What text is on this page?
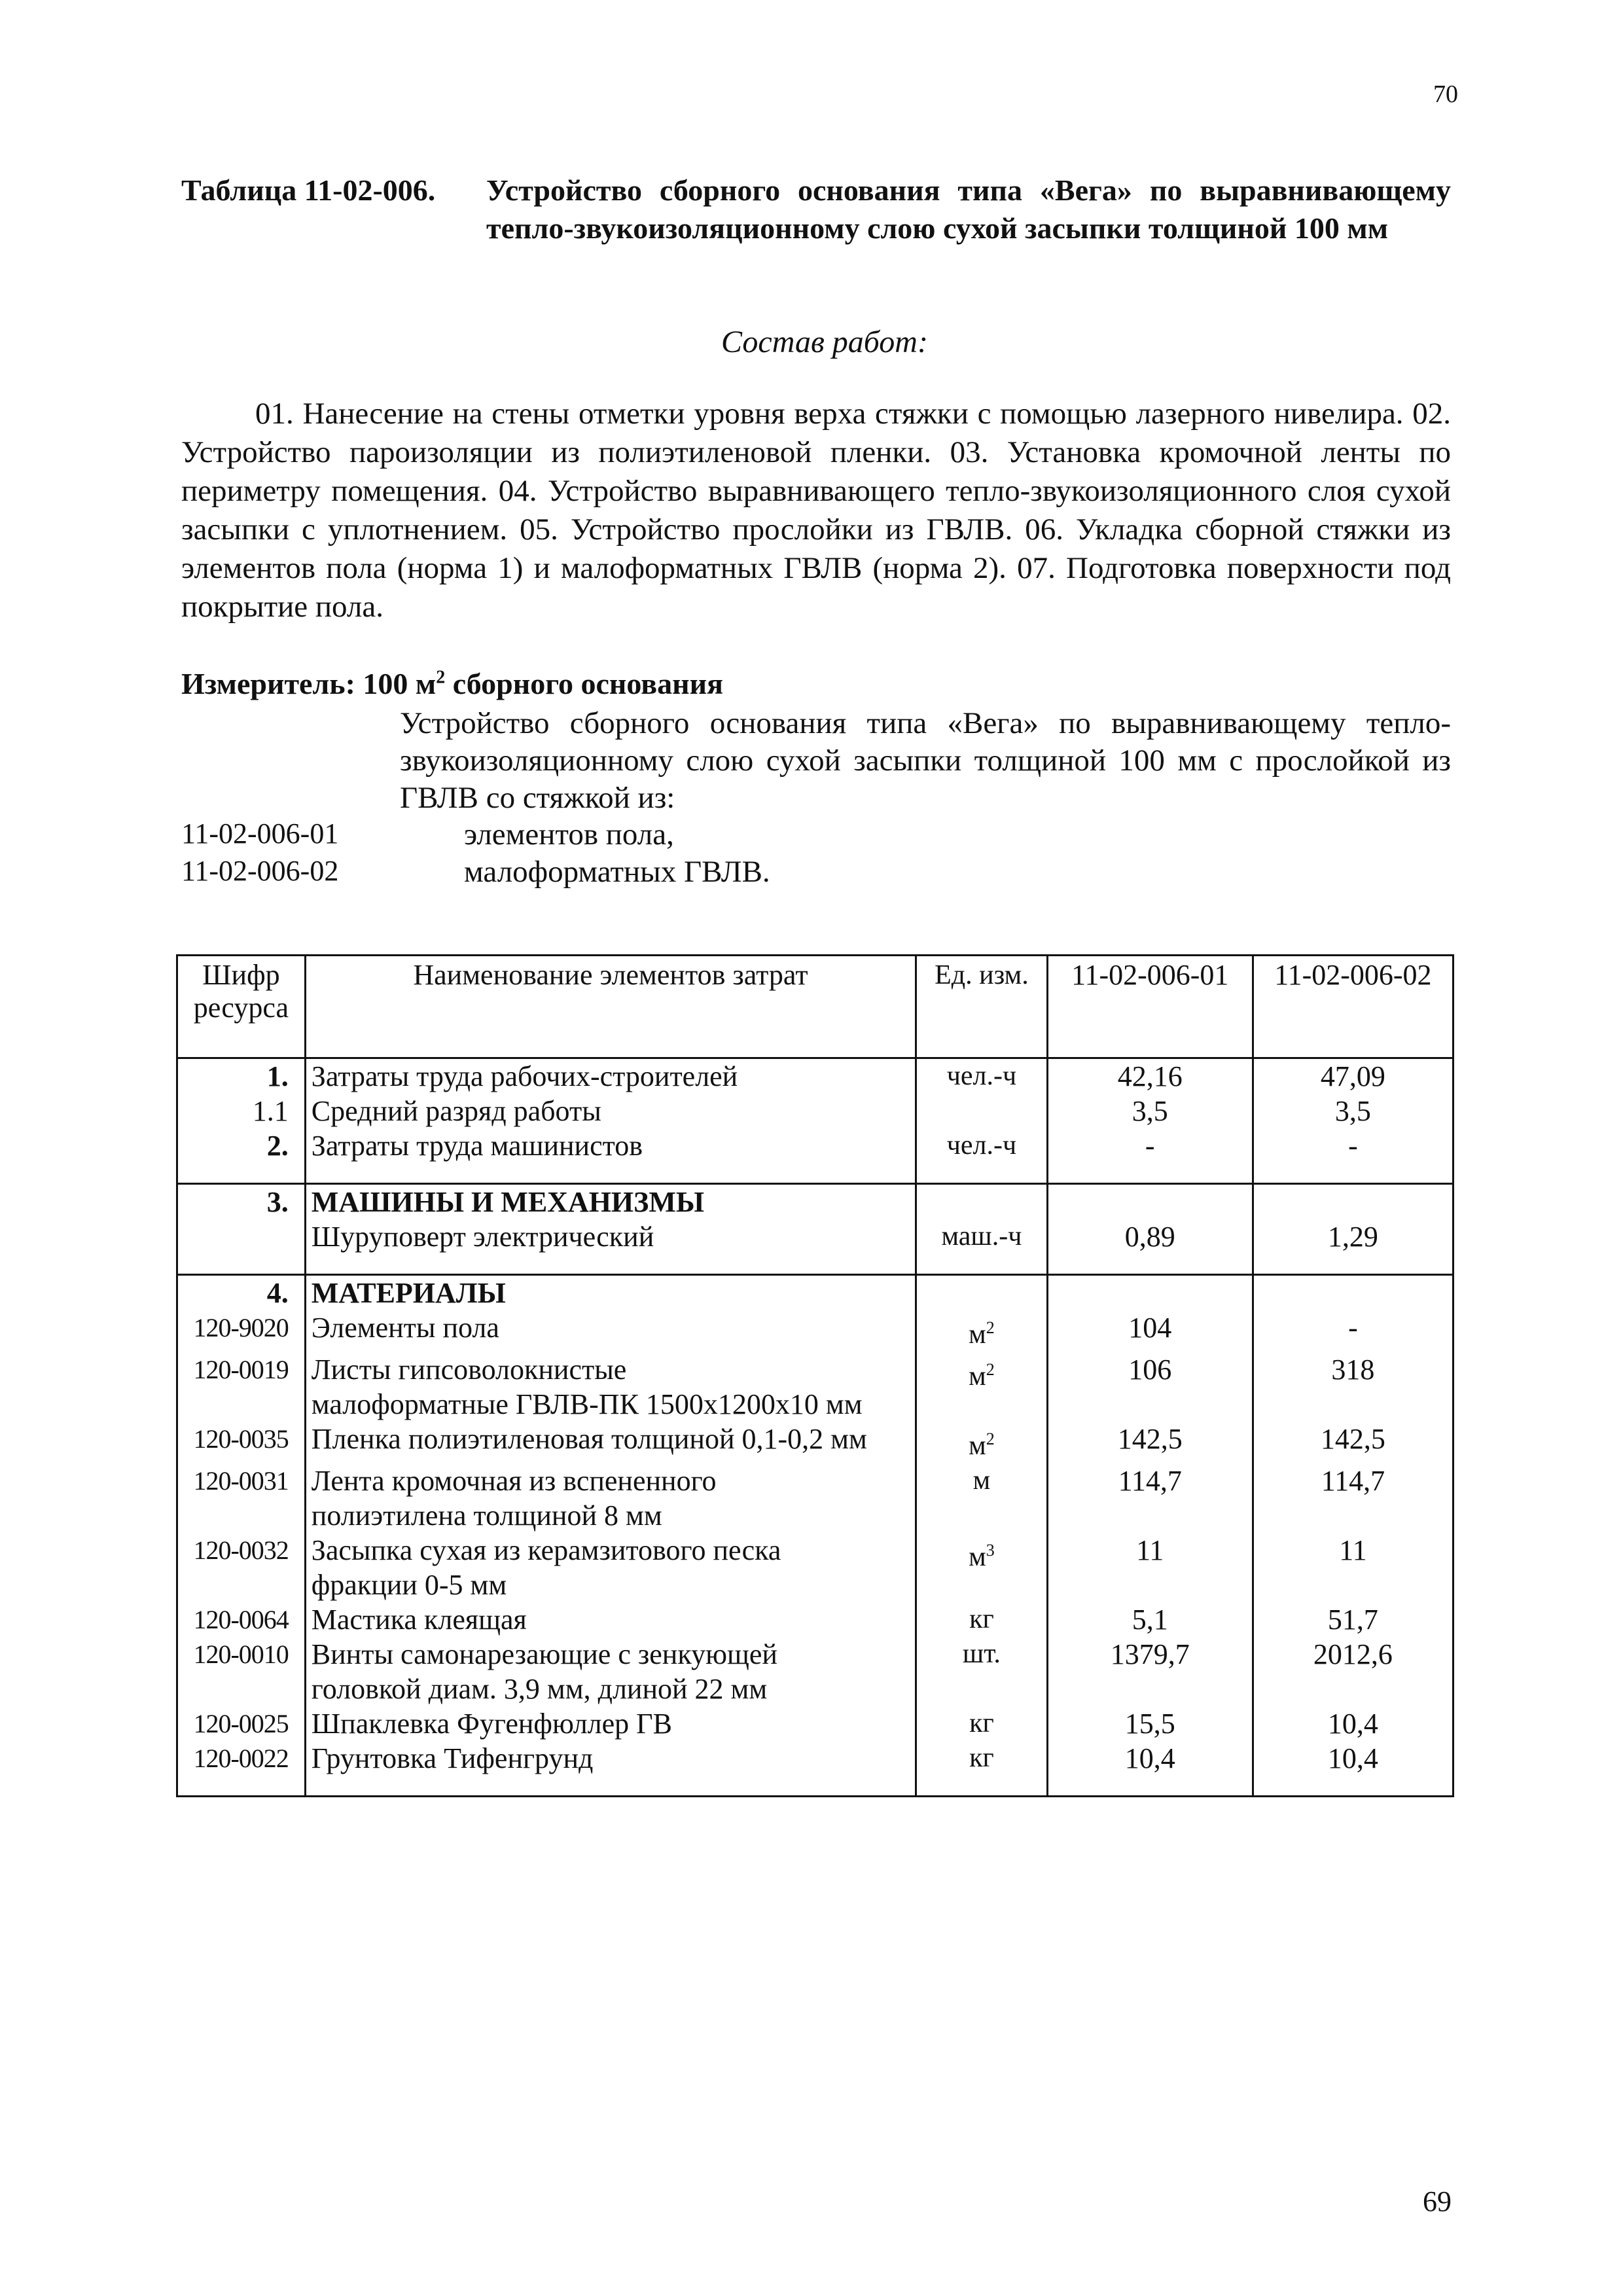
70
Таблица 11-02-006. Устройство сборного основания типа «Вега» по выравнивающему тепло-звукоизоляционному слою сухой засыпки толщиной 100 мм
Состав работ:
01. Нанесение на стены отметки уровня верха стяжки с помощью лазерного нивелира. 02. Устройство пароизоляции из полиэтиленовой пленки. 03. Установка кромочной ленты по периметру помещения. 04. Устройство выравнивающего тепло-звукоизоляционного слоя сухой засыпки с уплотнением. 05. Устройство прослойки из ГВЛВ. 06. Укладка сборной стяжки из элементов пола (норма 1) и малоформатных ГВЛВ (норма 2). 07. Подготовка поверхности под покрытие пола.
Измеритель: 100 $м^2$ сборного основания
Устройство сборного основания типа «Вега» по выравнивающему тепло-звукоизоляционному слою сухой засыпки толщиной 100 мм с прослойкой из ГВЛВ со стяжкой из:
11-02-006-01	элементов пола,
11-02-006-02	малоформатных ГВЛВ.
Шифр ресурса	Наименование элементов затрат	Ед. изм.	11-02-006-01	11-02-006-02
1.	Затраты труда рабочих-строителей	чел.-ч	42,16	47,09
1.1	Средний разряд работы		3,5	3,5
2.	Затраты труда машинистов	чел.-ч	-	-

3.	МАШИНЫ И МЕХАНИЗМЫ			
	Шуруповерт электрический	маш.-ч	0,89	1,29

4.	МАТЕРИАЛЫ			
120-9020	Элементы пола	$м^2$	104	-
120-0019	Листы гипсоволокнистые
малоформатные ГВЛВ-ПК 1500х1200х10 мм	$м^2$	106	318
120-0035	Пленка полиэтиленовая толщиной 0,1-0,2 мм	$м^2$	142,5	142,5
120-0031	Лента кромочная из вспененного
полиэтилена толщиной 8 мм	м	114,7	114,7
120-0032	Засыпка сухая из керамзитового песка
фракции 0-5 мм	$м^3$	11	11
120-0064	Мастика клеящая	кг	5,1	51,7
120-0010	Винты самонарезающие с зенкующей
головкой диам. 3,9 мм, длиной 22 мм	шт.	1379,7	2012,6
120-0025	Шпаклевка Фугенфюллер ГВ	кг	15,5	10,4
120-0022	Грунтовка Тифенгрунд	кг	10,4	10,4

69
